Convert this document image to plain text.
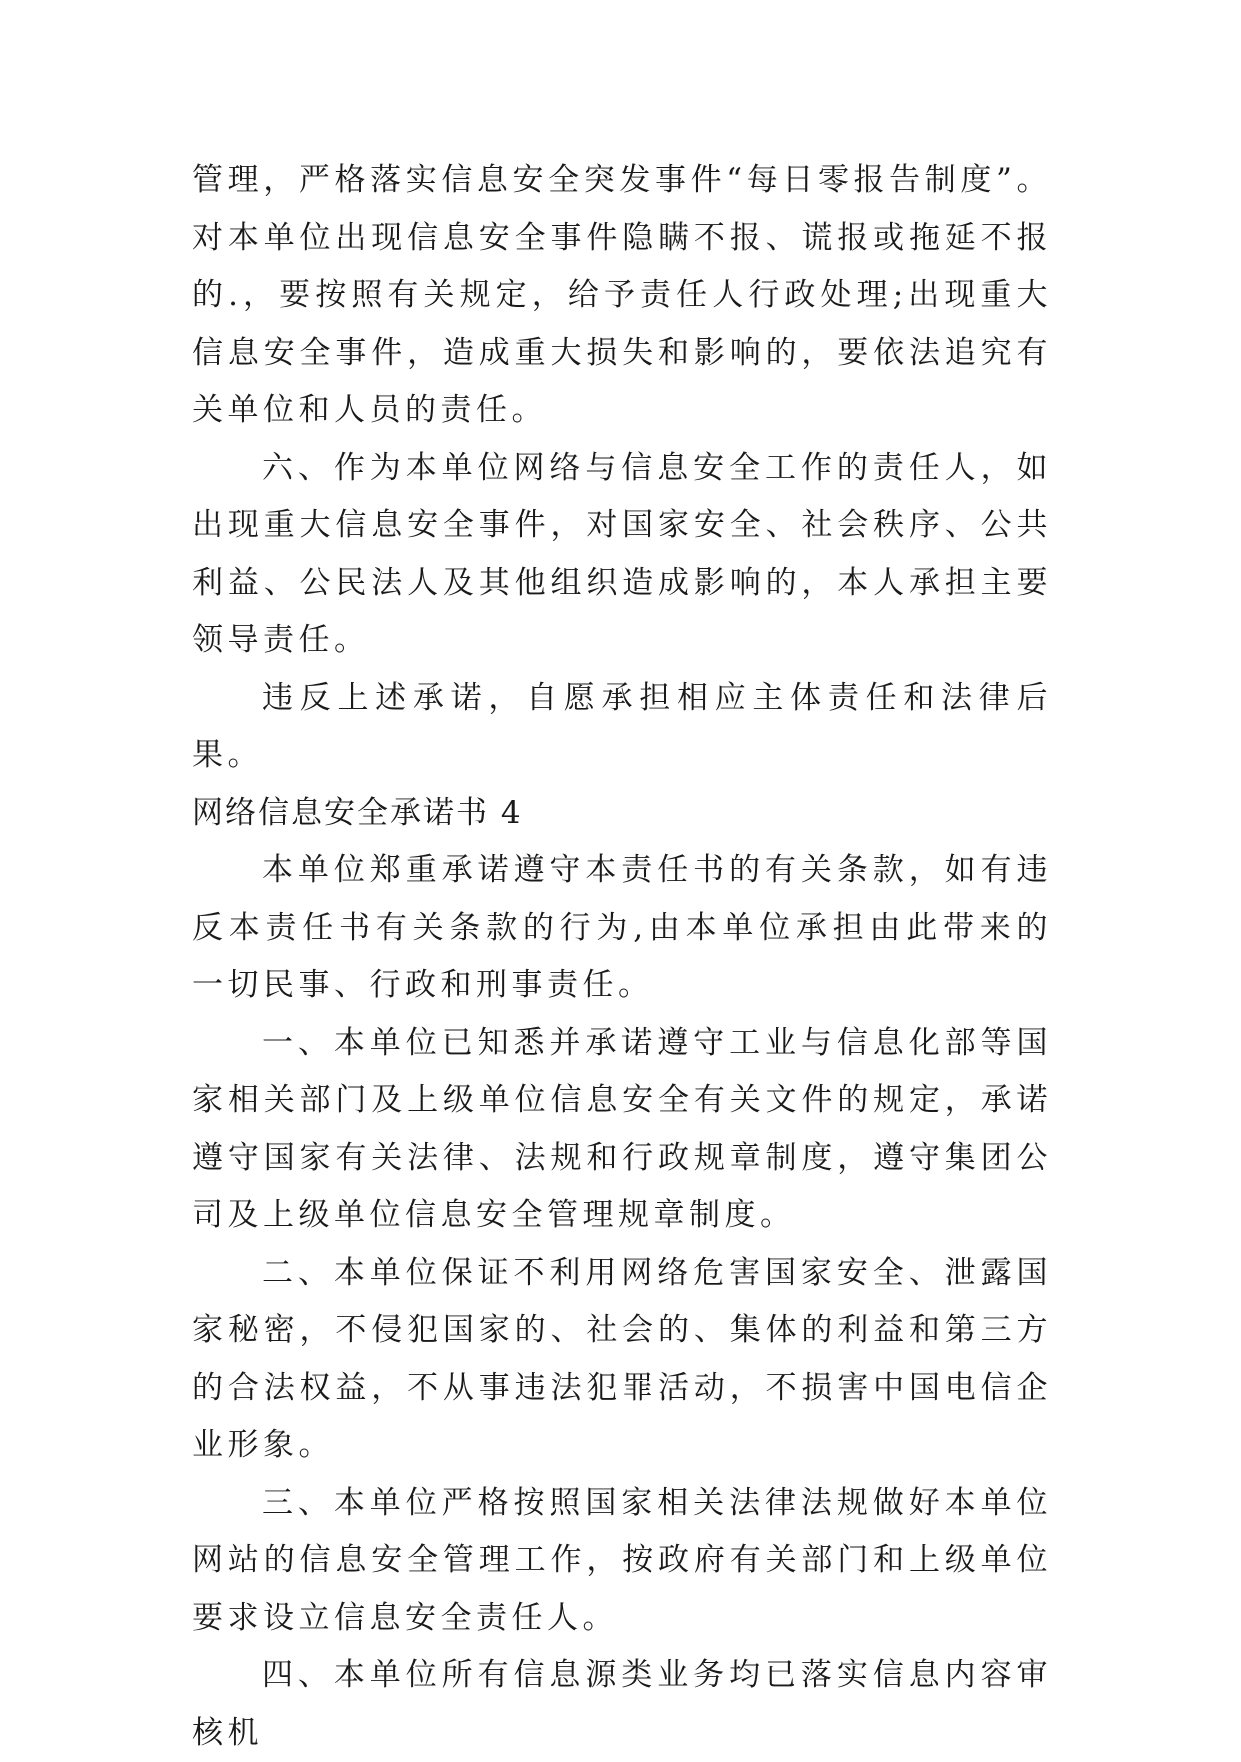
管理，严格落实信息安全突发事件“每日零报告制度”。对本单位出现信息安全事件隐瞒不报、谎报或拖延不报的.，要按照有关规定，给予责任人行政处理;出现重大信息安全事件，造成重大损失和影响的，要依法追究有关单位和人员的责任。

六、作为本单位网络与信息安全工作的责任人，如出现重大信息安全事件，对国家安全、社会秩序、公共利益、公民法人及其他组织造成影响的，本人承担主要领导责任。

违反上述承诺，自愿承担相应主体责任和法律后果。

网络信息安全承诺书 4

本单位郑重承诺遵守本责任书的有关条款，如有违反本责任书有关条款的行为,由本单位承担由此带来的一切民事、行政和刑事责任。

一、本单位已知悉并承诺遵守工业与信息化部等国家相关部门及上级单位信息安全有关文件的规定，承诺遵守国家有关法律、法规和行政规章制度，遵守集团公司及上级单位信息安全管理规章制度。

二、本单位保证不利用网络危害国家安全、泄露国家秘密，不侵犯国家的、社会的、集体的利益和第三方的合法权益，不从事违法犯罪活动，不损害中国电信企业形象。

三、本单位严格按照国家相关法律法规做好本单位网站的信息安全管理工作，按政府有关部门和上级单位要求设立信息安全责任人。

四、本单位所有信息源类业务均已落实信息内容审核机
